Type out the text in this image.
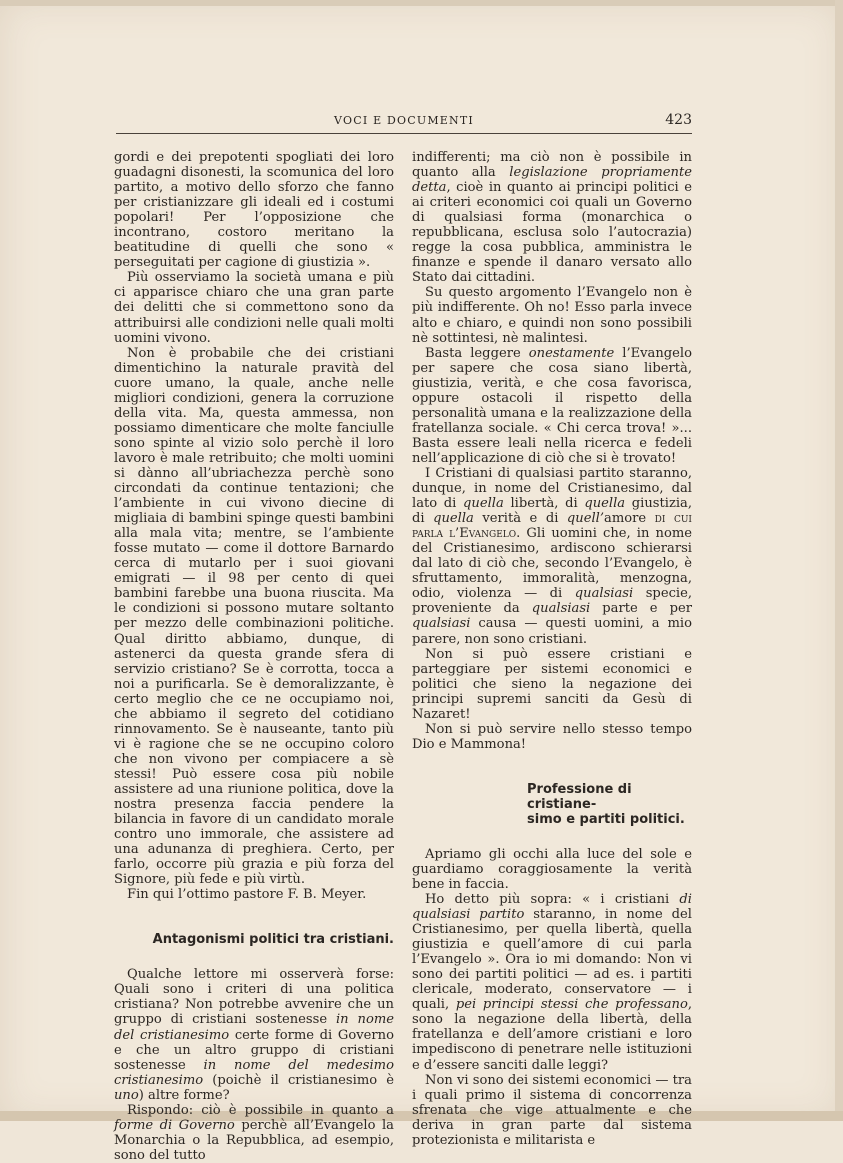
VOCI E DOCUMENTI	423

gordi e dei prepotenti spogliati dei loro guadagni disonesti, la scomunica del loro partito, a motivo dello sforzo che fanno per cristianizzare gli ideali ed i costumi popolari! Per l’opposizione che incontrano, costoro meritano la beatitudine di quelli che sono « perseguitati per cagione di giustizia ».

Più osserviamo la società umana e più ci apparisce chiaro che una gran parte dei delitti che si commettono sono da attribuirsi alle condizioni nelle quali molti uomini vivono.

Non è probabile che dei cristiani dimentichino la naturale pravità del cuore umano, la quale, anche nelle migliori condizioni, genera la corruzione della vita. Ma, questa ammessa, non possiamo dimenticare che molte fanciulle sono spinte al vizio solo perchè il loro lavoro è male retribuito; che molti uomini si dànno all’ubriachezza perchè sono circondati da continue tentazioni; che l’ambiente in cui vivono diecine di migliaia di bambini spinge questi bambini alla mala vita; mentre, se l’ambiente fosse mutato — come il dottore Barnardo cerca di mutarlo per i suoi giovani emigrati — il 98 per cento di quei bambini farebbe una buona riuscita. Ma le condizioni si possono mutare soltanto per mezzo delle combinazioni politiche. Qual diritto abbiamo, dunque, di astenerci da questa grande sfera di servizio cristiano? Se è corrotta, tocca a noi a purificarla. Se è demoralizzante, è certo meglio che ce ne occupiamo noi, che abbiamo il segreto del cotidiano rinnovamento. Se è nauseante, tanto più vi è ragione che se ne occupino coloro che non vivono per compiacere a sè stessi! Può essere cosa più nobile assistere ad una riunione politica, dove la nostra presenza faccia pendere la bilancia in favore di un candidato morale contro uno immorale, che assistere ad una adunanza di preghiera. Certo, per farlo, occorre più grazia e più forza del Signore, più fede e più virtù.

Fin qui l’ottimo pastore F. B. Meyer.

Antagonismi politici tra cristiani.

Qualche lettore mi osserverà forse: Quali sono i criteri di una politica cristiana? Non potrebbe avvenire che un gruppo di cristiani sostenesse in nome del cristianesimo certe forme di Governo e che un altro gruppo di cristiani sostenesse in nome del medesimo cristianesimo (poichè il cristianesimo è uno) altre forme?

Rispondo: ciò è possibile in quanto a forme di Governo perchè all’Evangelo la Monarchia o la Repubblica, ad esempio, sono del tutto

indifferenti; ma ciò non è possibile in quanto alla legislazione propriamente detta, cioè in quanto ai principi politici e ai criteri economici coi quali un Governo di qualsiasi forma (monarchica o repubblicana, esclusa solo l’autocrazia) regge la cosa pubblica, amministra le finanze e spende il danaro versato allo Stato dai cittadini.

Su questo argomento l’Evangelo non è più indifferente. Oh no! Esso parla invece alto e chiaro, e quindi non sono possibili nè sottintesi, nè malintesi.

Basta leggere onestamente l’Evangelo per sapere che cosa siano libertà, giustizia, verità, e che cosa favorisca, oppure ostacoli il rispetto della personalità umana e la realizzazione della fratellanza sociale. « Chi cerca trova! »... Basta essere leali nella ricerca e fedeli nell’applicazione di ciò che si è trovato!

I Cristiani di qualsiasi partito staranno, dunque, in nome del Cristianesimo, dal lato di quella libertà, di quella giustizia, di quella verità e di quell’amore di cui parla l’Evangelo. Gli uomini che, in nome del Cristianesimo, ardiscono schierarsi dal lato di ciò che, secondo l’Evangelo, è sfruttamento, immoralità, menzogna, odio, violenza — di qualsiasi specie, proveniente da qualsiasi parte e per qualsiasi causa — questi uomini, a mio parere, non sono cristiani.

Non si può essere cristiani e parteggiare per sistemi economici e politici che sieno la negazione dei principi supremi sanciti da Gesù di Nazaret!

Non si può servire nello stesso tempo Dio e Mammona!

Professione di cristiane-
simo e partiti politici.

Apriamo gli occhi alla luce del sole e guardiamo coraggiosamente la verità bene in faccia.

Ho detto più sopra: « i cristiani di qualsiasi partito staranno, in nome del Cristianesimo, per quella libertà, quella giustizia e quell’amore di cui parla l’Evangelo ». Ora io mi domando: Non vi sono dei partiti politici — ad es. i partiti clericale, moderato, conservatore — i quali, pei principi stessi che professano, sono la negazione della libertà, della fratellanza e dell’amore cristiani e loro impediscono di penetrare nelle istituzioni e d’essere sanciti dalle leggi?

Non vi sono dei sistemi economici — tra i quali primo il sistema di concorrenza sfrenata che vige attualmente e che deriva in gran parte dal sistema protezionista e militarista e
